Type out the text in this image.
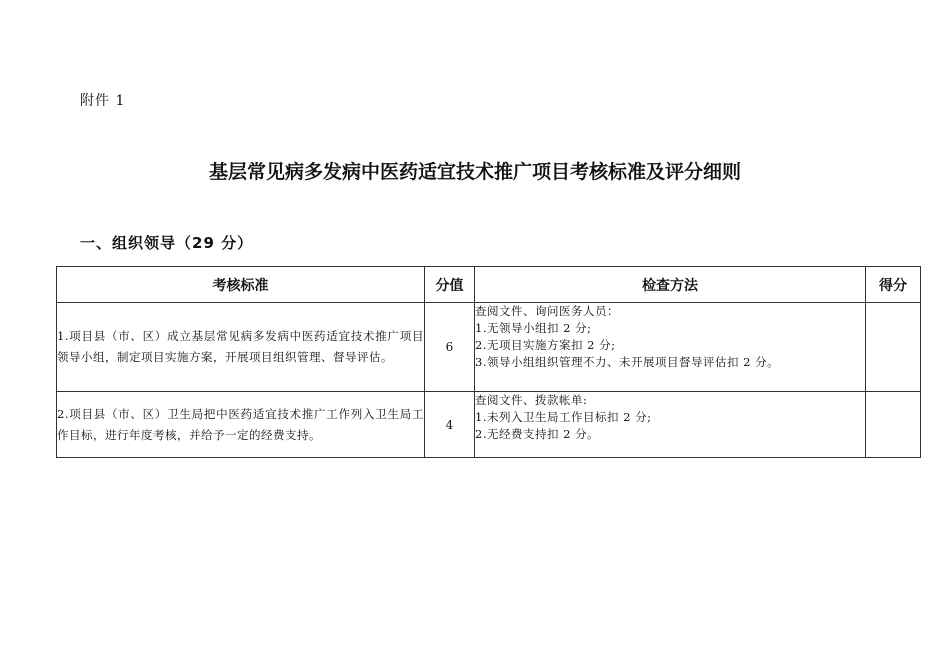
附件 1
基层常见病多发病中医药适宜技术推广项目考核标准及评分细则
一、组织领导（29 分）
考核标准	分值	检查方法	得分
1.项目县（市、区）成立基层常见病多发病中医药适宜技术推广项目领导小组，制定项目实施方案，开展项目组织管理、督导评估。	6	查阅文件、询问医务人员：
1.无领导小组扣 2 分;
2.无项目实施方案扣 2 分;
3.领导小组组织管理不力、未开展项目督导评估扣 2 分。	

2.项目县（市、区）卫生局把中医药适宜技术推广工作列入卫生局工作目标，进行年度考核，并给予一定的经费支持。	4	查阅文件、拨款帐单:
1.未列入卫生局工作目标扣 2 分;
2.无经费支持扣 2 分。	
